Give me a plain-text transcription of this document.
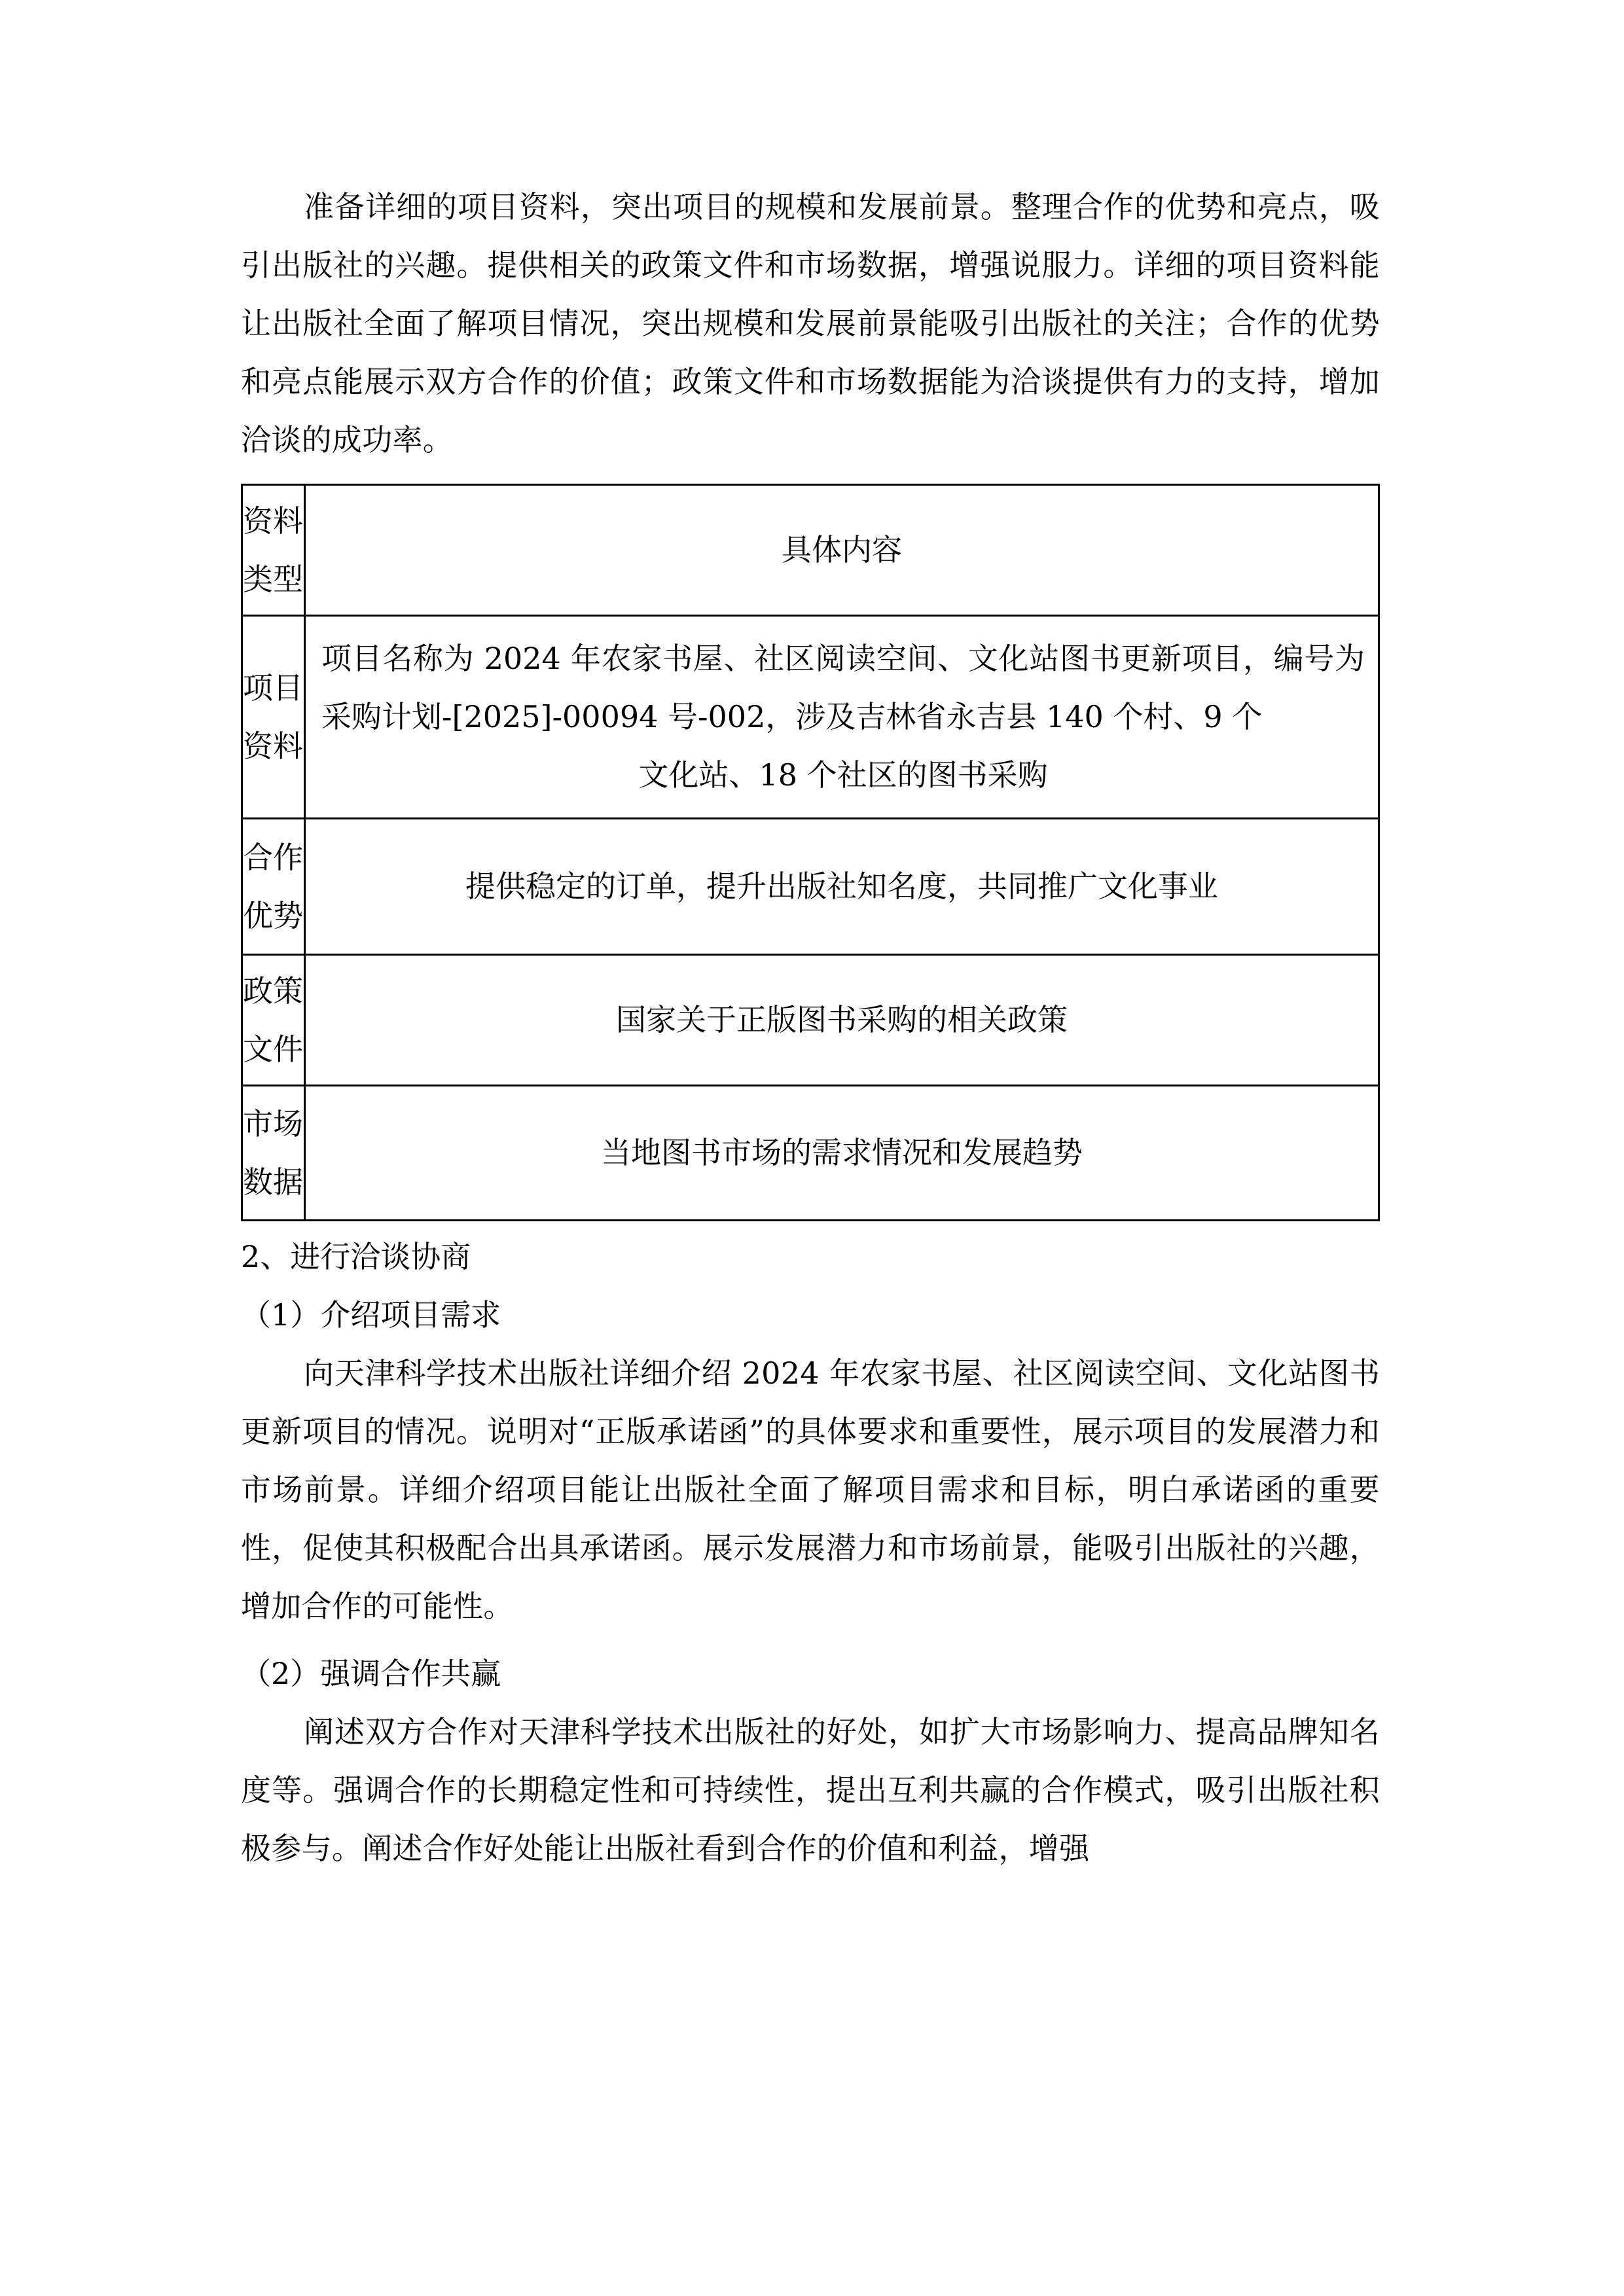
准备详细的项目资料，突出项目的规模和发展前景。整理合作的优势和亮点，吸引出版社的兴趣。提供相关的政策文件和市场数据，增强说服力。详细的项目资料能让出版社全面了解项目情况，突出规模和发展前景能吸引出版社的关注；合作的优势和亮点能展示双方合作的价值；政策文件和市场数据能为洽谈提供有力的支持，增加洽谈的成功率。

资料类型	具体内容
项目资料	项目名称为 2024 年农家书屋、社区阅读空间、文化站图书更新项目，编号为采购计划-[2025]-00094 号-002，涉及吉林省永吉县 140 个村、9 个
文化站、18 个社区的图书采购

合作优势	提供稳定的订单，提升出版社知名度，共同推广文化事业
政策文件	国家关于正版图书采购的相关政策
市场数据	当地图书市场的需求情况和发展趋势

2、进行洽谈协商

（1）介绍项目需求

向天津科学技术出版社详细介绍 2024 年农家书屋、社区阅读空间、文化站图书更新项目的情况。说明对“正版承诺函”的具体要求和重要性，展示项目的发展潜力和市场前景。详细介绍项目能让出版社全面了解项目需求和目标，明白承诺函的重要性，促使其积极配合出具承诺函。展示发展潜力和市场前景，能吸引出版社的兴趣，增加合作的可能性。

（2）强调合作共赢

阐述双方合作对天津科学技术出版社的好处，如扩大市场影响力、提高品牌知名度等。强调合作的长期稳定性和可持续性，提出互利共赢的合作模式，吸引出版社积极参与。阐述合作好处能让出版社看到合作的价值和利益，增强
